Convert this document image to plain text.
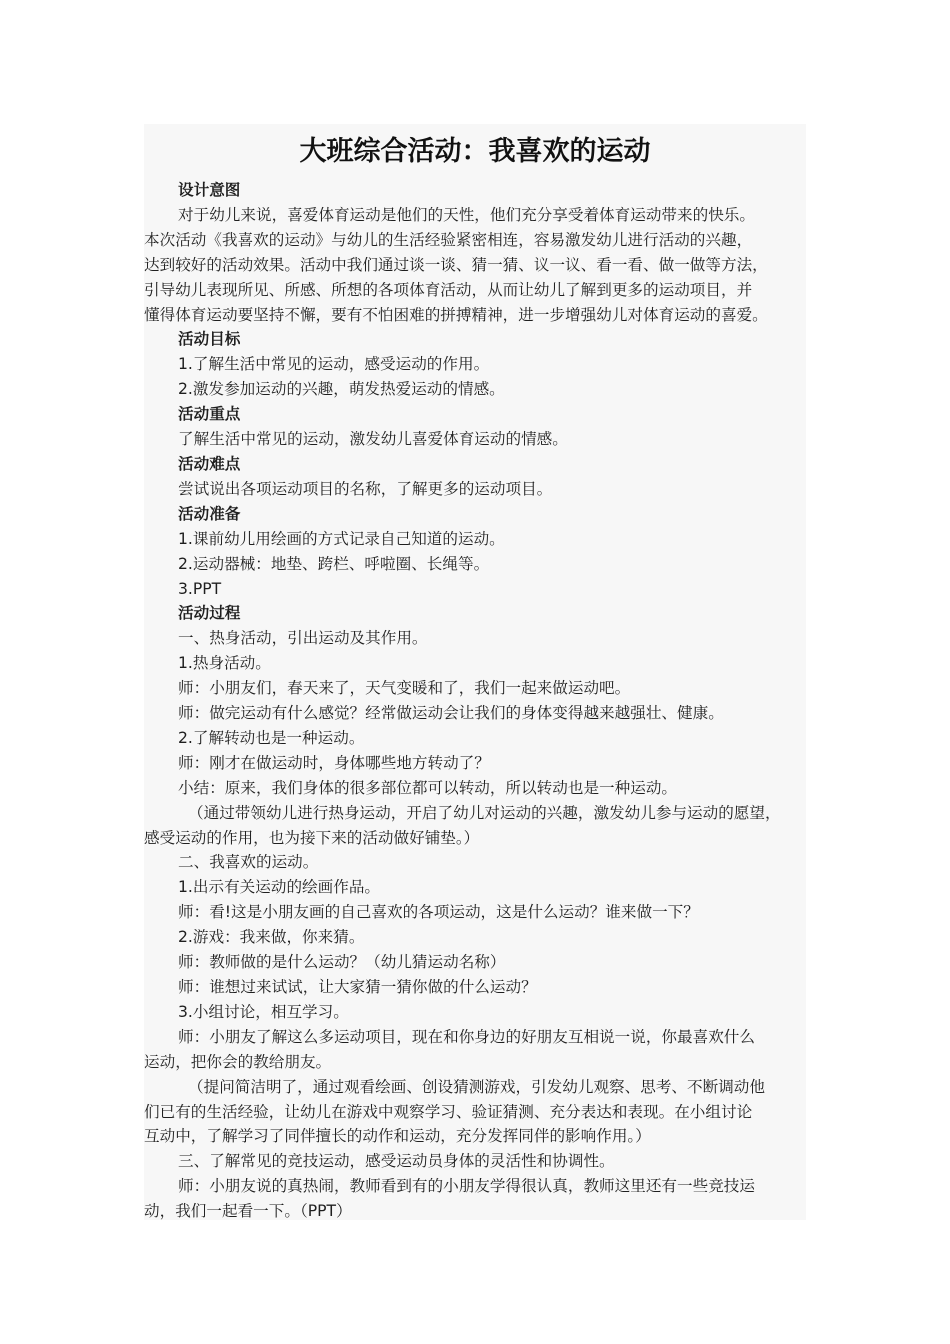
大班综合活动：我喜欢的运动
设计意图
对于幼儿来说，喜爱体育运动是他们的天性，他们充分享受着体育运动带来的快乐。
本次活动《我喜欢的运动》与幼儿的生活经验紧密相连，容易激发幼儿进行活动的兴趣，
达到较好的活动效果。活动中我们通过谈一谈、猜一猜、议一议、看一看、做一做等方法，
引导幼儿表现所见、所感、所想的各项体育活动，从而让幼儿了解到更多的运动项目，并
懂得体育运动要坚持不懈，要有不怕困难的拼搏精神，进一步增强幼儿对体育运动的喜爱。
活动目标
1.了解生活中常见的运动，感受运动的作用。
2.激发参加运动的兴趣，萌发热爱运动的情感。
活动重点
了解生活中常见的运动，激发幼儿喜爱体育运动的情感。
活动难点
尝试说出各项运动项目的名称，了解更多的运动项目。
活动准备
1.课前幼儿用绘画的方式记录自己知道的运动。
2.运动器械：地垫、跨栏、呼啦圈、长绳等。
3.PPT
活动过程
一、热身活动，引出运动及其作用。
1.热身活动。
师：小朋友们，春天来了，天气变暖和了，我们一起来做运动吧。
师：做完运动有什么感觉？经常做运动会让我们的身体变得越来越强壮、健康。
2.了解转动也是一种运动。
师：刚才在做运动时，身体哪些地方转动了？
小结：原来，我们身体的很多部位都可以转动，所以转动也是一种运动。
（通过带领幼儿进行热身运动，开启了幼儿对运动的兴趣，激发幼儿参与运动的愿望，
感受运动的作用，也为接下来的活动做好铺垫。）
二、我喜欢的运动。
1.出示有关运动的绘画作品。
师：看!这是小朋友画的自己喜欢的各项运动，这是什么运动？谁来做一下？
2.游戏：我来做，你来猜。
师：教师做的是什么运动？（幼儿猜运动名称）
师：谁想过来试试，让大家猜一猜你做的什么运动？
3.小组讨论，相互学习。
师：小朋友了解这么多运动项目，现在和你身边的好朋友互相说一说，你最喜欢什么
运动，把你会的教给朋友。
（提问简洁明了，通过观看绘画、创设猜测游戏，引发幼儿观察、思考、不断调动他
们已有的生活经验，让幼儿在游戏中观察学习、验证猜测、充分表达和表现。在小组讨论
互动中，了解学习了同伴擅长的动作和运动，充分发挥同伴的影响作用。）
三、了解常见的竞技运动，感受运动员身体的灵活性和协调性。
师：小朋友说的真热闹，教师看到有的小朋友学得很认真，教师这里还有一些竞技运
动，我们一起看一下。（PPT）
